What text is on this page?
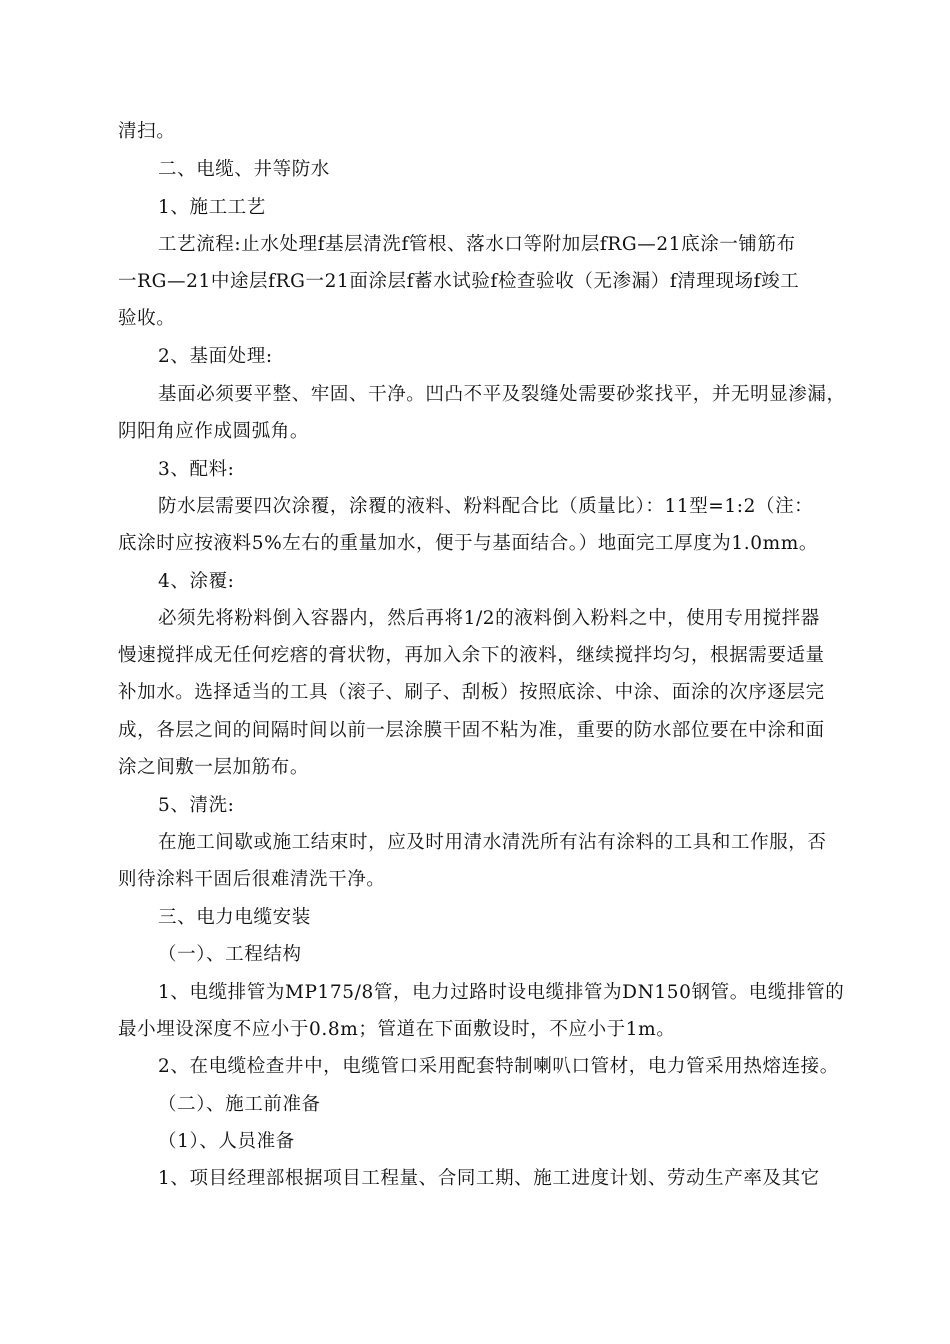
清扫。
二、电缆、井等防水
1、施工工艺
工艺流程:止水处理f基层清洗f管根、落水口等附加层fRG—21底涂一铺筋布
一RG—21中途层fRG一21面涂层f蓄水试验f检查验收（无渗漏）f清理现场f竣工
验收。
2、基面处理:
基面必须要平整、牢固、干净。凹凸不平及裂缝处需要砂浆找平，并无明显渗漏，
阴阳角应作成圆弧角。
3、配料:
防水层需要四次涂覆，涂覆的液料、粉料配合比（质量比）：11型=1:2（注：
底涂时应按液料5%左右的重量加水，便于与基面结合。）地面完工厚度为1.0mm。
4、涂覆:
必须先将粉料倒入容器内，然后再将1/2的液料倒入粉料之中，使用专用搅拌器
慢速搅拌成无任何疙瘩的膏状物，再加入余下的液料，继续搅拌均匀，根据需要适量
补加水。选择适当的工具（滚子、刷子、刮板）按照底涂、中涂、面涂的次序逐层完
成，各层之间的间隔时间以前一层涂膜干固不粘为准，重要的防水部位要在中涂和面
涂之间敷一层加筋布。
5、清洗:
在施工间歇或施工结束时，应及时用清水清洗所有沾有涂料的工具和工作服，否
则待涂料干固后很难清洗干净。
三、电力电缆安装
（一）、工程结构
1、电缆排管为MP175/8管，电力过路时设电缆排管为DN150钢管。电缆排管的
最小埋设深度不应小于0.8m；管道在下面敷设时，不应小于1m。
2、在电缆检查井中，电缆管口采用配套特制喇叭口管材，电力管采用热熔连接。
（二）、施工前准备
（1）、人员准备
1、项目经理部根据项目工程量、合同工期、施工进度计划、劳动生产率及其它
